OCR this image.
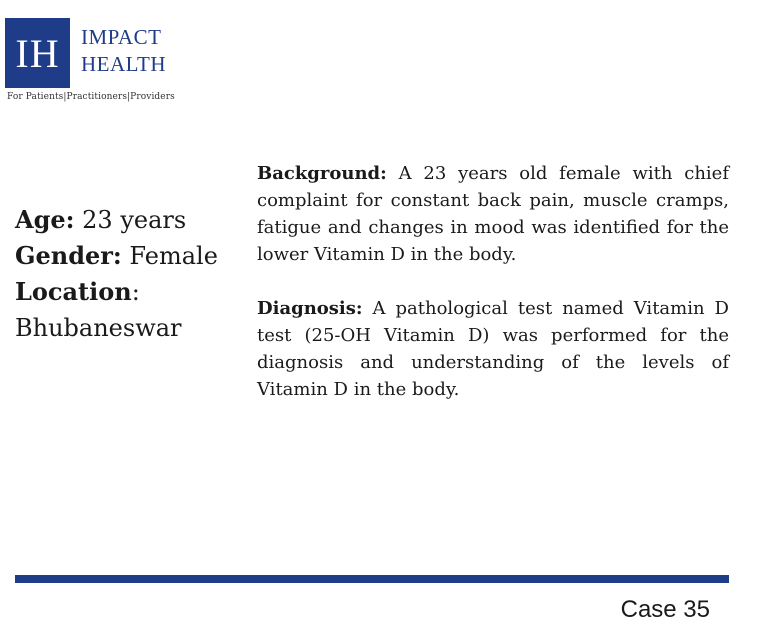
IH IMPACT
HEALTH
For Patients|Practitioners|Providers
Age: 23 years
Gender: Female
Location:
Bhubaneswar

Background: A 23 years old female with chief complaint for constant back pain, muscle cramps, fatigue and changes in mood was identified for the lower Vitamin D in the body.

Diagnosis: A pathological test named Vitamin D test (25-OH Vitamin D) was performed for the diagnosis and understanding of the levels of Vitamin D in the body.

Case 35
